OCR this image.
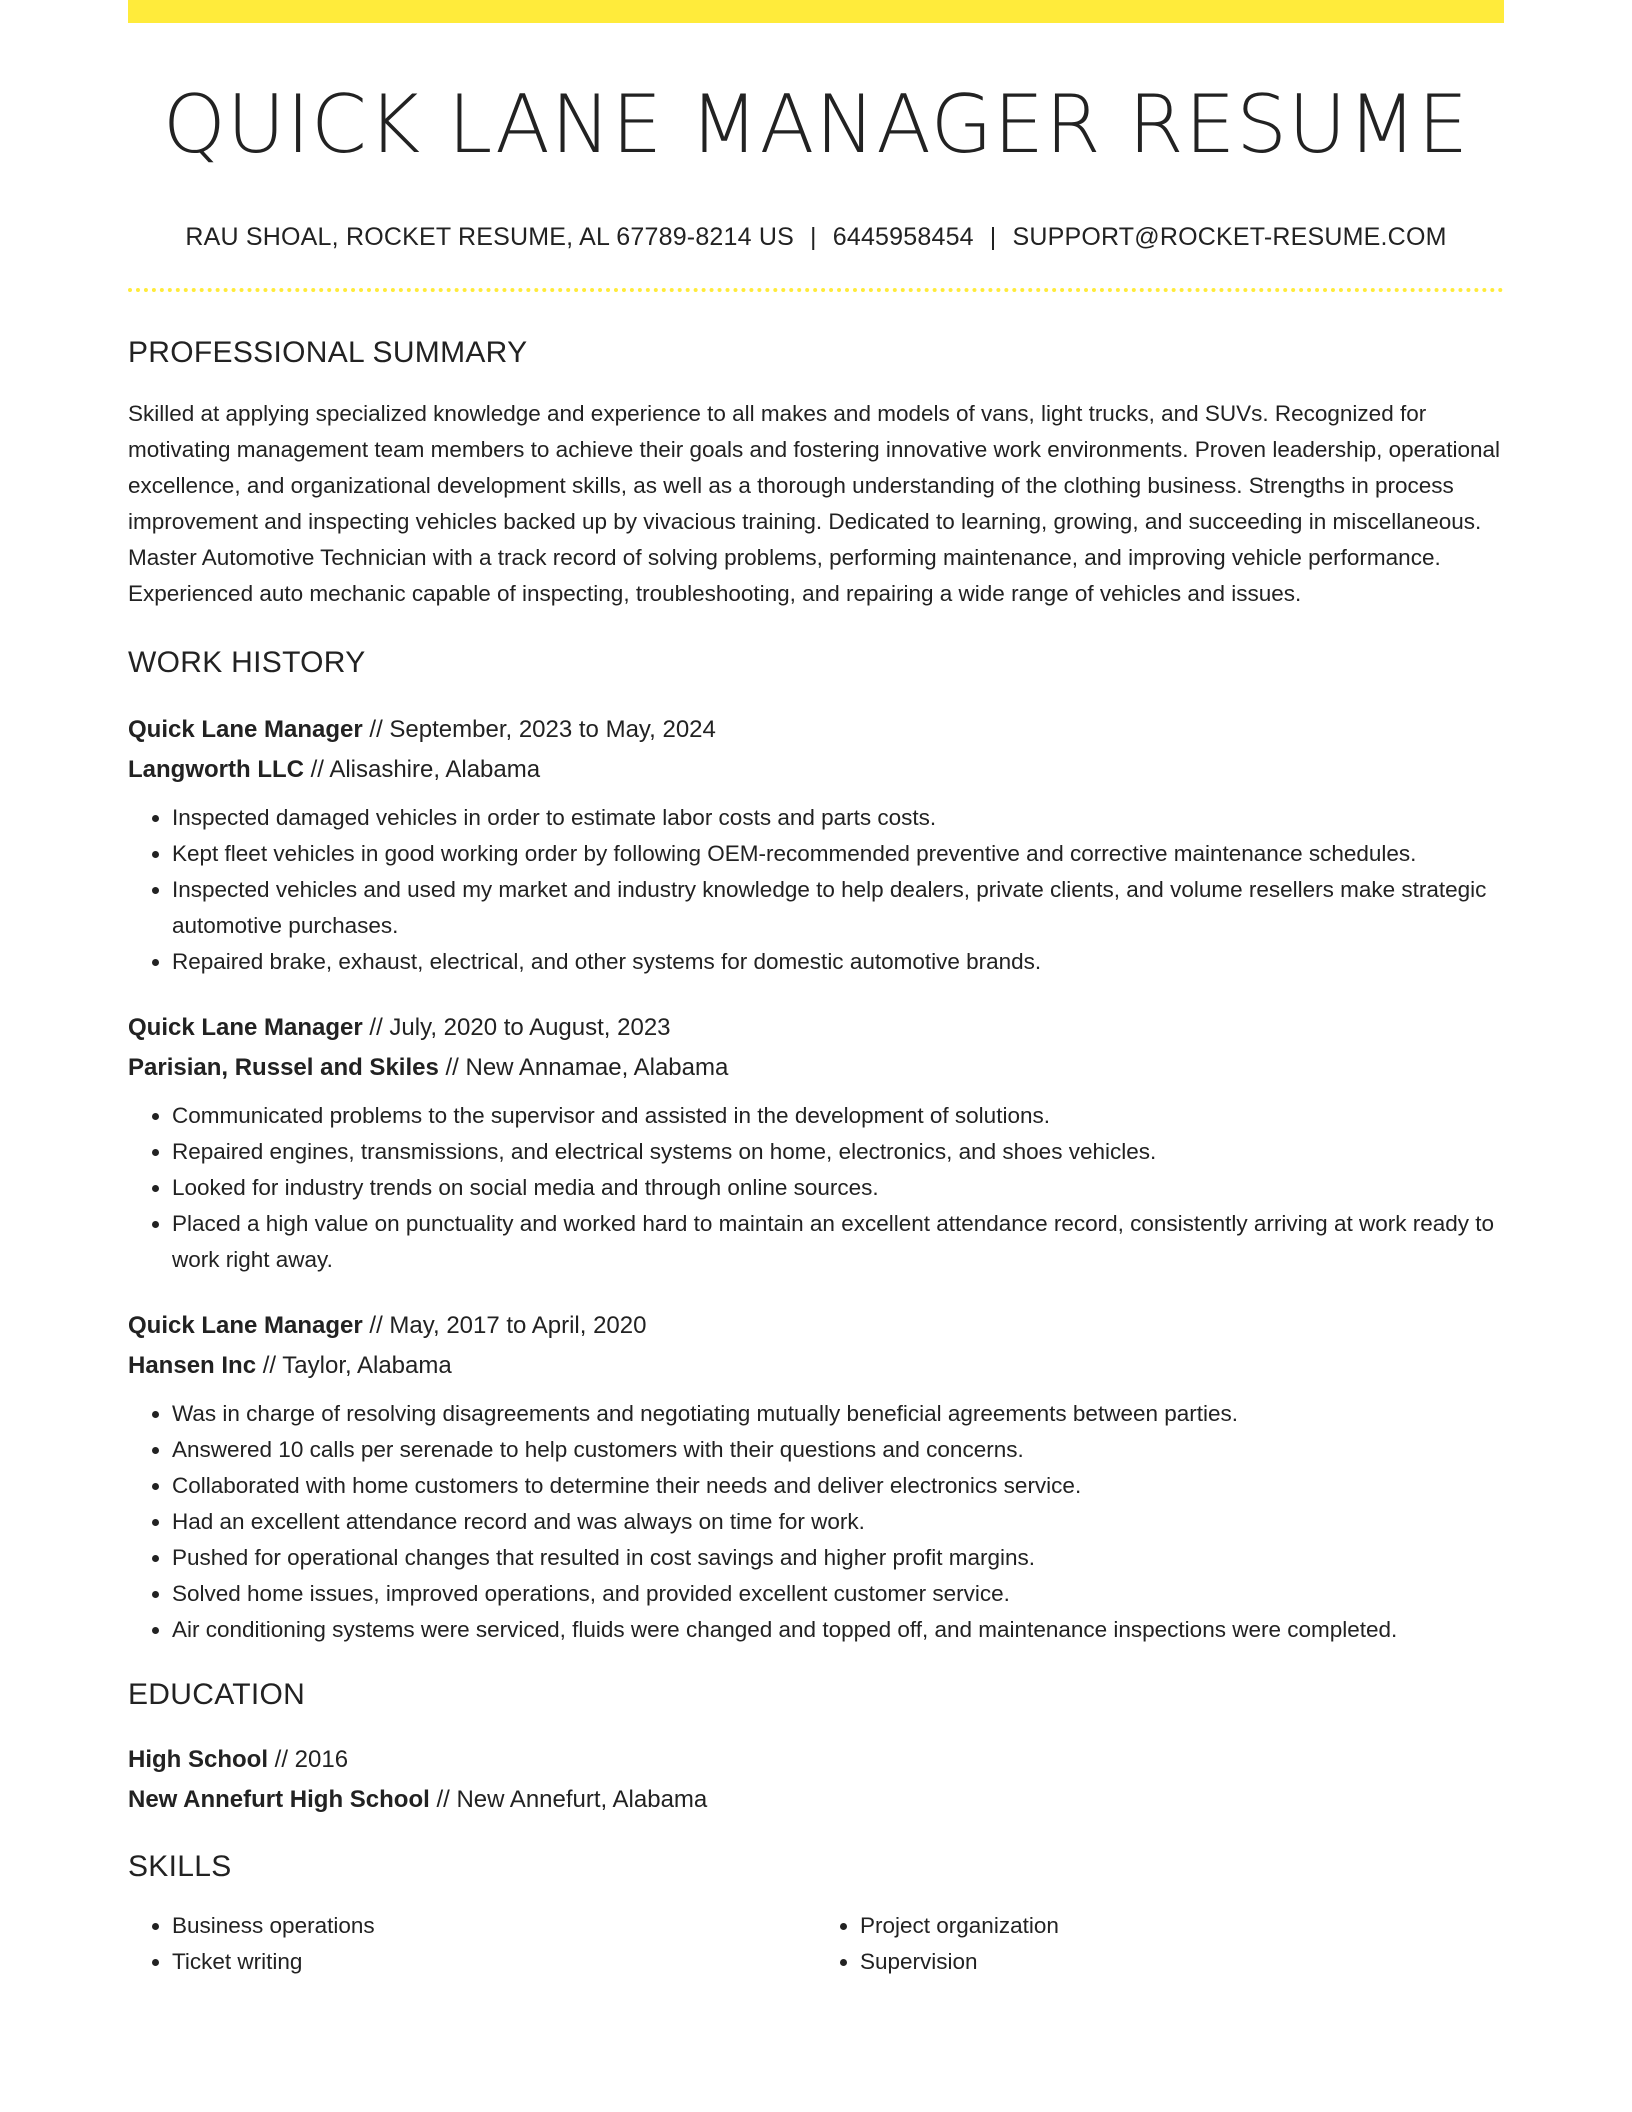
QUICK LANE MANAGER RESUME
RAU SHOAL, ROCKET RESUME, AL 67789-8214 US | 6445958454 | SUPPORT@ROCKET-RESUME.COM
PROFESSIONAL SUMMARY
Skilled at applying specialized knowledge and experience to all makes and models of vans, light trucks, and SUVs. Recognized for motivating management team members to achieve their goals and fostering innovative work environments. Proven leadership, operational excellence, and organizational development skills, as well as a thorough understanding of the clothing business. Strengths in process improvement and inspecting vehicles backed up by vivacious training. Dedicated to learning, growing, and succeeding in miscellaneous. Master Automotive Technician with a track record of solving problems, performing maintenance, and improving vehicle performance. Experienced auto mechanic capable of inspecting, troubleshooting, and repairing a wide range of vehicles and issues.
WORK HISTORY
Quick Lane Manager // September, 2023 to May, 2024
Langworth LLC // Alisashire, Alabama
• Inspected damaged vehicles in order to estimate labor costs and parts costs.
• Kept fleet vehicles in good working order by following OEM-recommended preventive and corrective maintenance schedules.
• Inspected vehicles and used my market and industry knowledge to help dealers, private clients, and volume resellers make strategic automotive purchases.
• Repaired brake, exhaust, electrical, and other systems for domestic automotive brands.
Quick Lane Manager // July, 2020 to August, 2023
Parisian, Russel and Skiles // New Annamae, Alabama
• Communicated problems to the supervisor and assisted in the development of solutions.
• Repaired engines, transmissions, and electrical systems on home, electronics, and shoes vehicles.
• Looked for industry trends on social media and through online sources.
• Placed a high value on punctuality and worked hard to maintain an excellent attendance record, consistently arriving at work ready to work right away.
Quick Lane Manager // May, 2017 to April, 2020
Hansen Inc // Taylor, Alabama
• Was in charge of resolving disagreements and negotiating mutually beneficial agreements between parties.
• Answered 10 calls per serenade to help customers with their questions and concerns.
• Collaborated with home customers to determine their needs and deliver electronics service.
• Had an excellent attendance record and was always on time for work.
• Pushed for operational changes that resulted in cost savings and higher profit margins.
• Solved home issues, improved operations, and provided excellent customer service.
• Air conditioning systems were serviced, fluids were changed and topped off, and maintenance inspections were completed.
EDUCATION
High School // 2016
New Annefurt High School // New Annefurt, Alabama
SKILLS
• Business operations
• Ticket writing
• Project organization
• Supervision
